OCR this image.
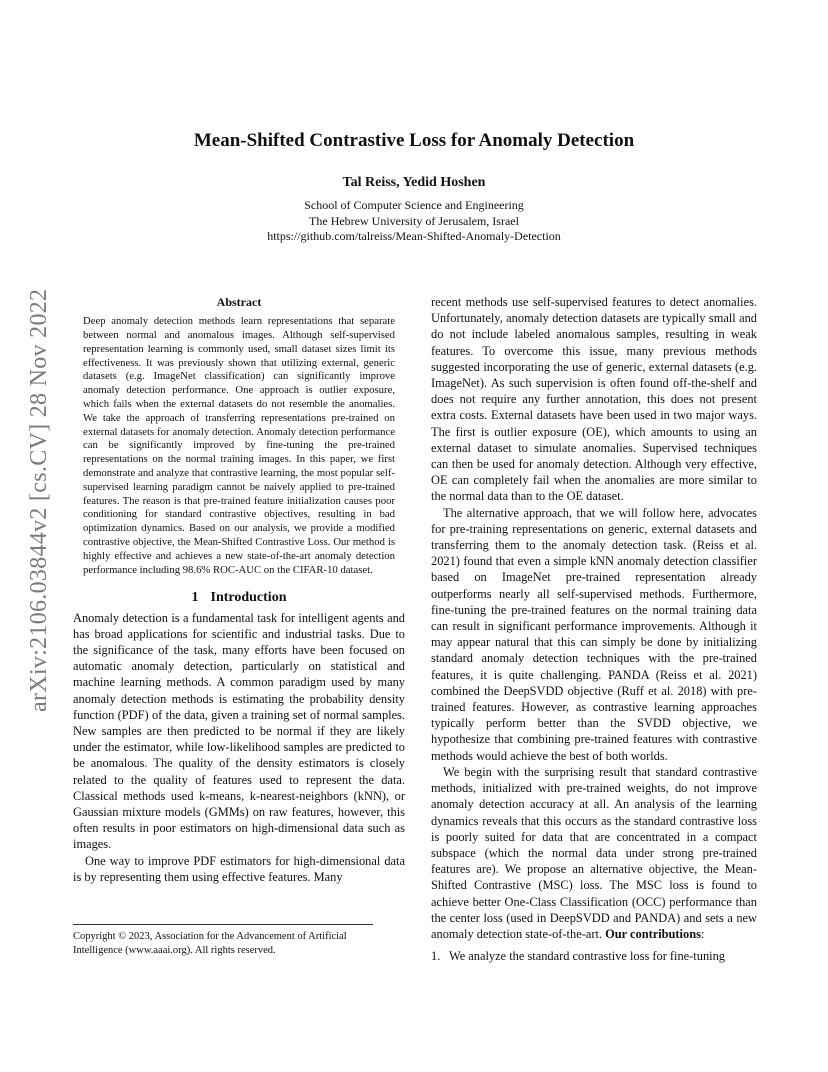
arXiv:2106.03844v2 [cs.CV] 28 Nov 2022
Mean-Shifted Contrastive Loss for Anomaly Detection
Tal Reiss, Yedid Hoshen
School of Computer Science and Engineering
The Hebrew University of Jerusalem, Israel
https://github.com/talreiss/Mean-Shifted-Anomaly-Detection
Abstract
Deep anomaly detection methods learn representations that separate between normal and anomalous images. Although self-supervised representation learning is commonly used, small dataset sizes limit its effectiveness. It was previously shown that utilizing external, generic datasets (e.g. ImageNet classification) can significantly improve anomaly detection performance. One approach is outlier exposure, which fails when the external datasets do not resemble the anomalies. We take the approach of transferring representations pre-trained on external datasets for anomaly detection. Anomaly detection performance can be significantly improved by fine-tuning the pre-trained representations on the normal training images. In this paper, we first demonstrate and analyze that contrastive learning, the most popular self-supervised learning paradigm cannot be naively applied to pre-trained features. The reason is that pre-trained feature initialization causes poor conditioning for standard contrastive objectives, resulting in bad optimization dynamics. Based on our analysis, we provide a modified contrastive objective, the Mean-Shifted Contrastive Loss. Our method is highly effective and achieves a new state-of-the-art anomaly detection performance including 98.6% ROC-AUC on the CIFAR-10 dataset.
1 Introduction

Anomaly detection is a fundamental task for intelligent agents and has broad applications for scientific and industrial tasks. Due to the significance of the task, many efforts have been focused on automatic anomaly detection, particularly on statistical and machine learning methods. A common paradigm used by many anomaly detection methods is estimating the probability density function (PDF) of the data, given a training set of normal samples. New samples are then predicted to be normal if they are likely under the estimator, while low-likelihood samples are predicted to be anomalous. The quality of the density estimators is closely related to the quality of features used to represent the data. Classical methods used k-means, k-nearest-neighbors (kNN), or Gaussian mixture models (GMMs) on raw features, however, this often results in poor estimators on high-dimensional data such as images.

One way to improve PDF estimators for high-dimensional data is by representing them using effective features. Many

Copyright © 2023, Association for the Advancement of Artificial Intelligence (www.aaai.org). All rights reserved.

recent methods use self-supervised features to detect anomalies. Unfortunately, anomaly detection datasets are typically small and do not include labeled anomalous samples, resulting in weak features. To overcome this issue, many previous methods suggested incorporating the use of generic, external datasets (e.g. ImageNet). As such supervision is often found off-the-shelf and does not require any further annotation, this does not present extra costs. External datasets have been used in two major ways. The first is outlier exposure (OE), which amounts to using an external dataset to simulate anomalies. Supervised techniques can then be used for anomaly detection. Although very effective, OE can completely fail when the anomalies are more similar to the normal data than to the OE dataset.

The alternative approach, that we will follow here, advocates for pre-training representations on generic, external datasets and transferring them to the anomaly detection task. (Reiss et al. 2021) found that even a simple kNN anomaly detection classifier based on ImageNet pre-trained representation already outperforms nearly all self-supervised methods. Furthermore, fine-tuning the pre-trained features on the normal training data can result in significant performance improvements. Although it may appear natural that this can simply be done by initializing standard anomaly detection techniques with the pre-trained features, it is quite challenging. PANDA (Reiss et al. 2021) combined the DeepSVDD objective (Ruff et al. 2018) with pre-trained features. However, as contrastive learning approaches typically perform better than the SVDD objective, we hypothesize that combining pre-trained features with contrastive methods would achieve the best of both worlds.

We begin with the surprising result that standard contrastive methods, initialized with pre-trained weights, do not improve anomaly detection accuracy at all. An analysis of the learning dynamics reveals that this occurs as the standard contrastive loss is poorly suited for data that are concentrated in a compact subspace (which the normal data under strong pre-trained features are). We propose an alternative objective, the Mean-Shifted Contrastive (MSC) loss. The MSC loss is found to achieve better One-Class Classification (OCC) performance than the center loss (used in DeepSVDD and PANDA) and sets a new anomaly detection state-of-the-art. Our contributions:

1. We analyze the standard contrastive loss for fine-tuning
